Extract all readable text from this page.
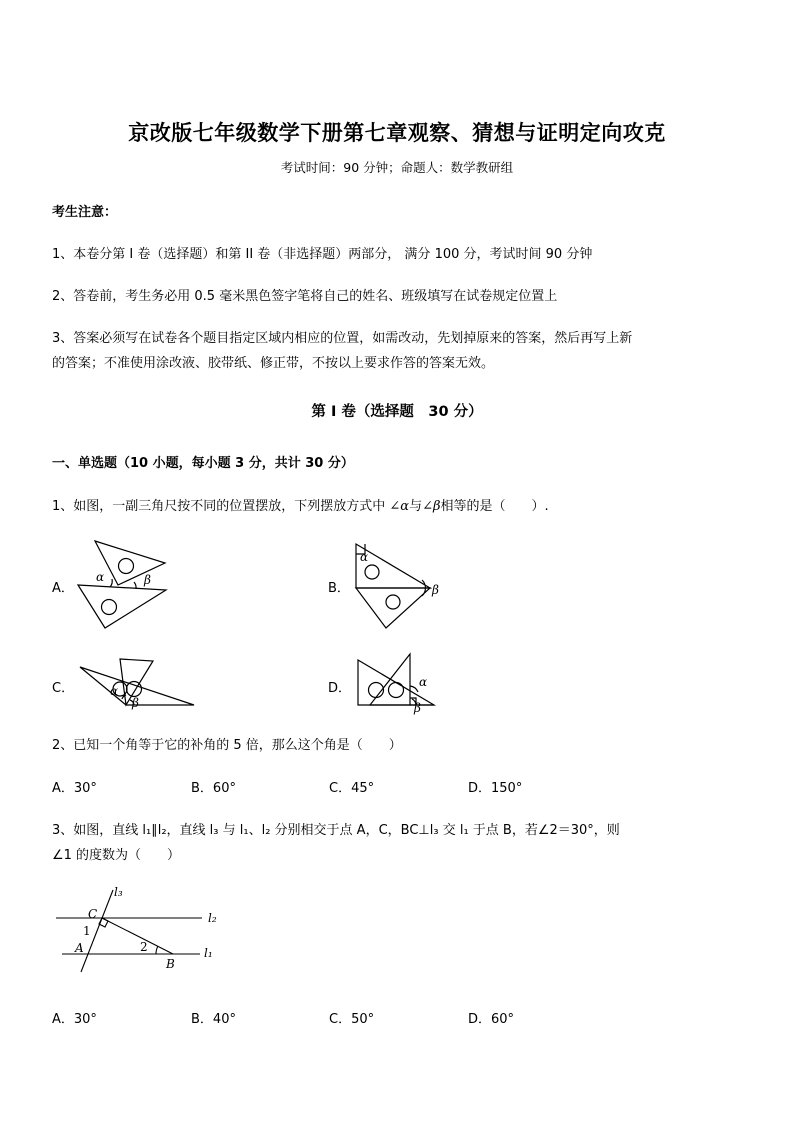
京改版七年级数学下册第七章观察、猜想与证明定向攻克
考试时间：90 分钟；命题人：数学教研组
考生注意：
1、本卷分第 I 卷（选择题）和第 II 卷（非选择题）两部分， 满分 100 分，考试时间 90 分钟
2、答卷前，考生务必用 0.5 毫米黑色签字笔将自己的姓名、班级填写在试卷规定位置上
3、答案必须写在试卷各个题目指定区域内相应的位置，如需改动，先划掉原来的答案，然后再写上新
的答案；不准使用涂改液、胶带纸、修正带，不按以上要求作答的答案无效。
第 I 卷（选择题　30 分）
一、单选题（10 小题，每小题 3 分，共计 30 分）
1、如图，一副三角尺按不同的位置摆放，下列摆放方式中 ∠α与∠β相等的是（　　）.
A．	B．
C．	D．
α	β
α
β
α
β
α
β
2、已知一个角等于它的补角的 5 倍，那么这个角是（　　）
A．30°	B．60°	C．45°	D．150°
3、如图，直线 l₁∥l₂，直线 l₃ 与 l₁、l₂ 分别相交于点 A，C，BC⊥l₃ 交 l₁ 于点 B，若∠2＝30°，则
∠1 的度数为（　　）
l₃
l₂
l₁
C
1
A	2
B
A．30°	B．40°	C．50°	D．60°
